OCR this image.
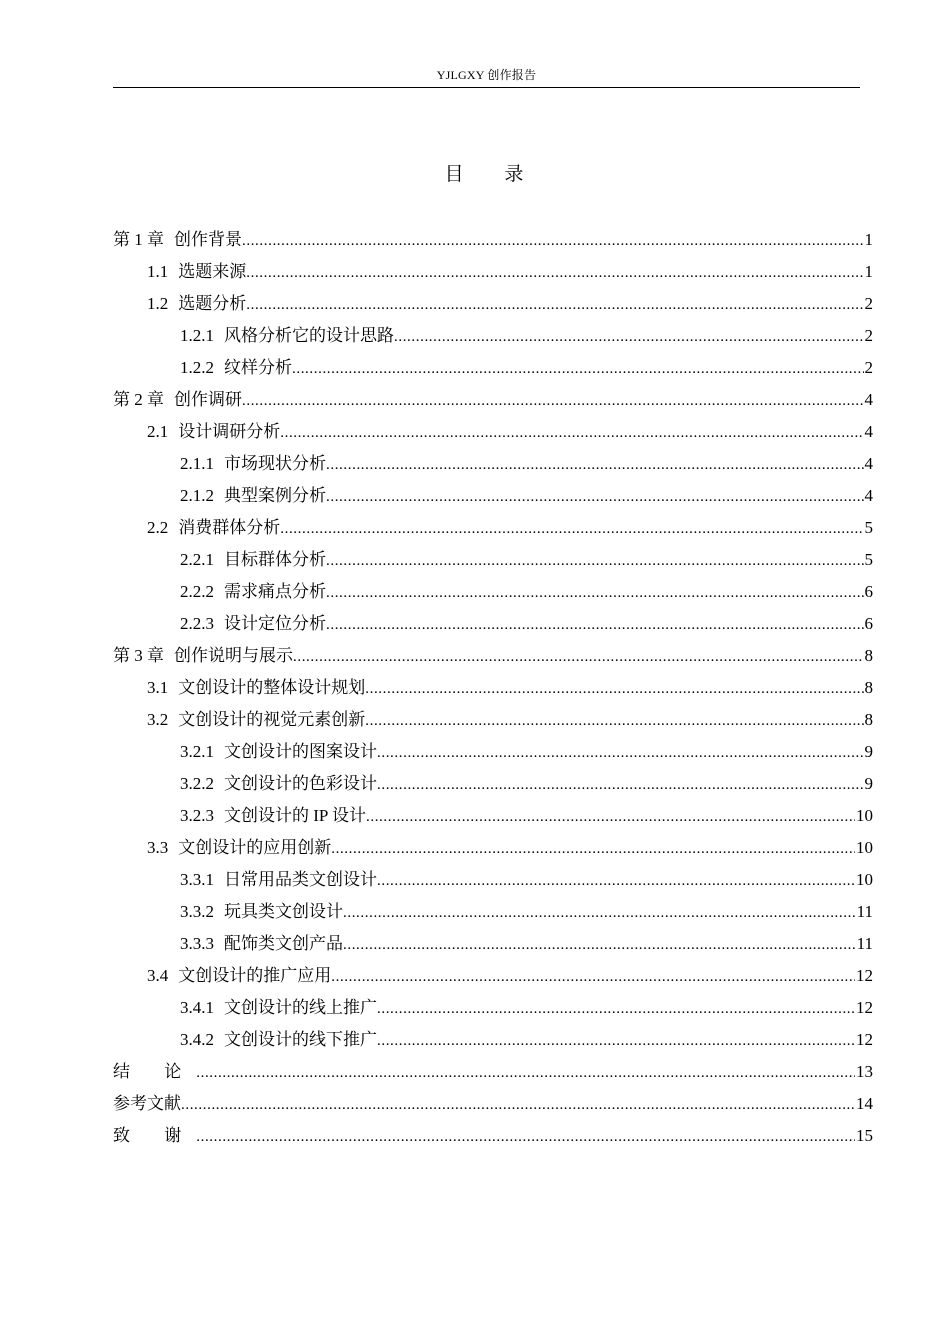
YJLGXY 创作报告
目 录
第 1 章 创作背景 .....	1
1.1 选题来源 .....	1
1.2 选题分析 .....	2
1.2.1 风格分析它的设计思路 .....	2
1.2.2 纹样分析 .....	2
第 2 章 创作调研 .....	4
2.1 设计调研分析 .....	4
2.1.1 市场现状分析 .....	4
2.1.2 典型案例分析 .....	4
2.2 消费群体分析 .....	5
2.2.1 目标群体分析 .....	5
2.2.2 需求痛点分析 .....	6
2.2.3 设计定位分析 .....	6
第 3 章 创作说明与展示 .....	8
3.1 文创设计的整体设计规划 .....	8
3.2 文创设计的视觉元素创新 .....	8
3.2.1 文创设计的图案设计 .....	9
3.2.2 文创设计的色彩设计 .....	9
3.2.3 文创设计的 IP 设计 .....	10
3.3 文创设计的应用创新 .....	10
3.3.1 日常用品类文创设计 .....	10
3.3.2 玩具类文创设计 .....	11
3.3.3 配饰类文创产品 .....	11
3.4 文创设计的推广应用 .....	12
3.4.1 文创设计的线上推广 .....	12
3.4.2 文创设计的线下推广 .....	12
结 论 .....	13
参考文献 .....	14
致 谢 .....	15
